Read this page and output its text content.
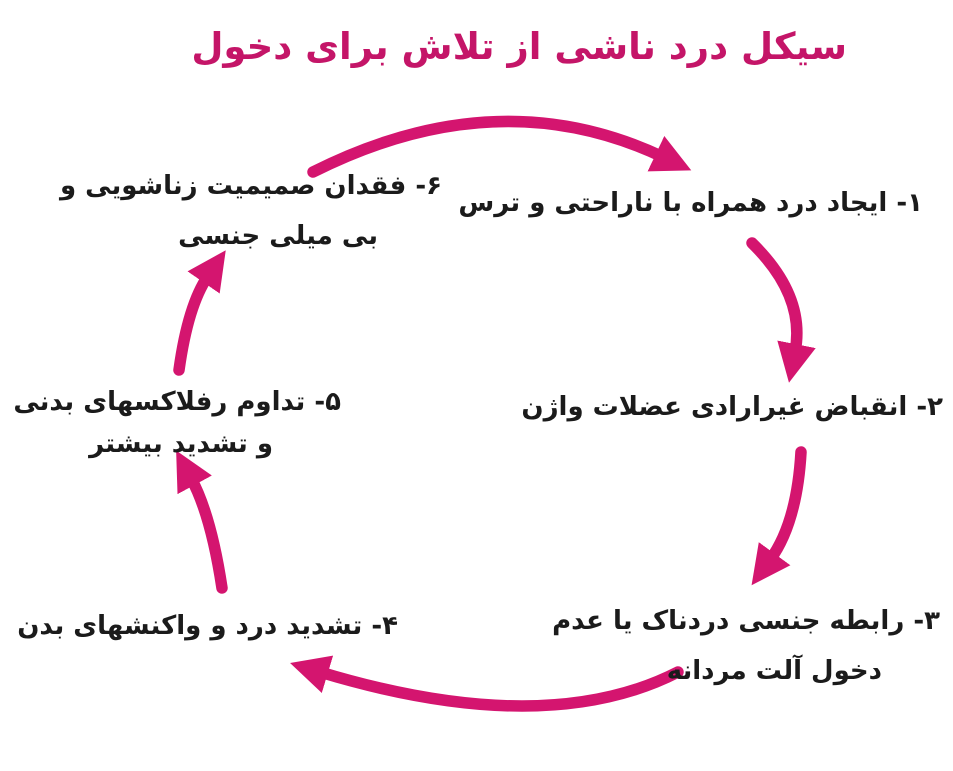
سیکل درد ناشی از تلاش برای دخول
۱- ایجاد درد همراه با ناراحتی و ترس
۲- انقباض غیرارادی عضلات واژن
۳- رابطه جنسی دردناک یا عدم
دخول آلت مردانه
۴- تشدید درد و واکنشهای بدن
۵- تداوم رفلاکسهای بدنی
و تشدید بیشتر
۶- فقدان صمیمیت زناشویی و
بی میلی جنسی
